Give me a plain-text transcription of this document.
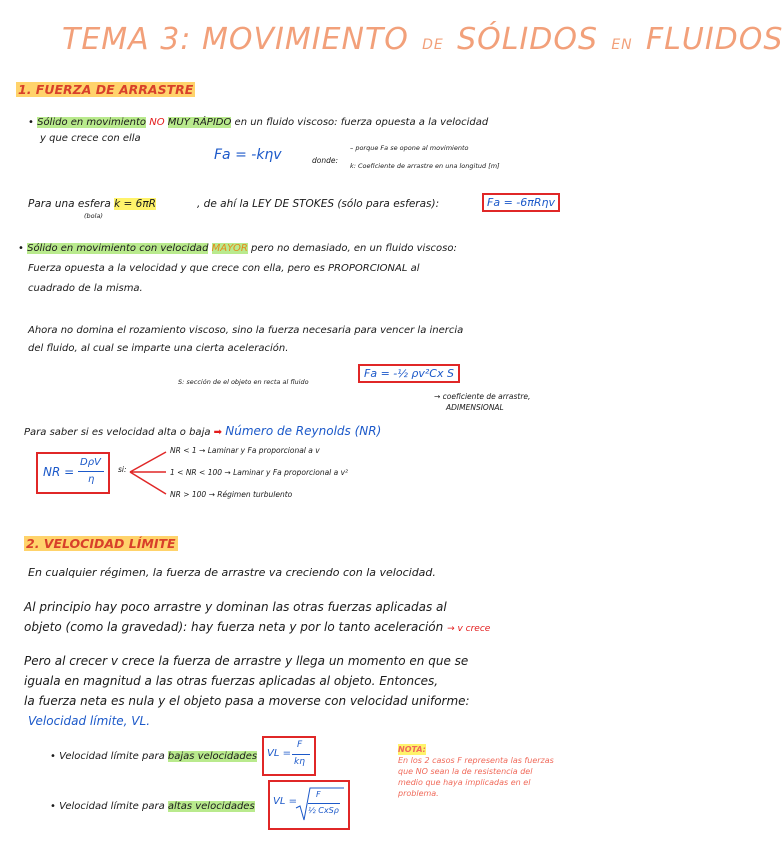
TEMA 3: MOVIMIENTO DE SÓLIDOS EN FLUIDOS
1. FUERZA DE ARRASTRE
• Sólido en movimiento NO MUY RÁPIDO en un fluido viscoso: fuerza opuesta a la velocidad
y que crece con ella
Fa = -kηv	donde:
– porque Fa se opone al movimiento
k: Coeficiente de arrastre en una longitud [m]
Para una esfera k = 6πR
(bola)
, de ahí la LEY DE STOKES (sólo para esferas):	Fa = -6πRηv
• Sólido en movimiento con velocidad MAYOR pero no demasiado, en un fluido viscoso:
Fuerza opuesta a la velocidad y que crece con ella, pero es PROPORCIONAL al
cuadrado de la misma.
Ahora no domina el rozamiento viscoso, sino la fuerza necesaria para vencer la inercia
del fluido, al cual se imparte una cierta aceleración.
S: sección de el objeto en recta al fluido
Fa = -½ ρv²Cx S
→ coeficiente de arrastre,
ADIMENSIONAL
Para saber si es velocidad alta o baja ➡ Número de Reynolds (NR)
NR =
DρV
η
si:
NR < 1 → Laminar y Fa proporcional a v
1 < NR < 100 → Laminar y Fa proporcional a v²
NR > 100 → Régimen turbulento
2. VELOCIDAD LÍMITE
En cualquier régimen, la fuerza de arrastre va creciendo con la velocidad.
Al principio hay poco arrastre y dominan las otras fuerzas aplicadas al
objeto (como la gravedad): hay fuerza neta y por lo tanto aceleración → v crece
Pero al crecer v crece la fuerza de arrastre y llega un momento en que se
iguala en magnitud a las otras fuerzas aplicadas al objeto. Entonces,
la fuerza neta es nula y el objeto pasa a moverse con velocidad uniforme:
Velocidad límite, VL.
• Velocidad límite para bajas velocidades VL =
F
kη
• Velocidad límite para altas velocidades VL =
F
½ CxSρ
NOTA:
En los 2 casos F representa las fuerzas
que NO sean la de resistencia del
medio que haya implicadas en el
problema.
